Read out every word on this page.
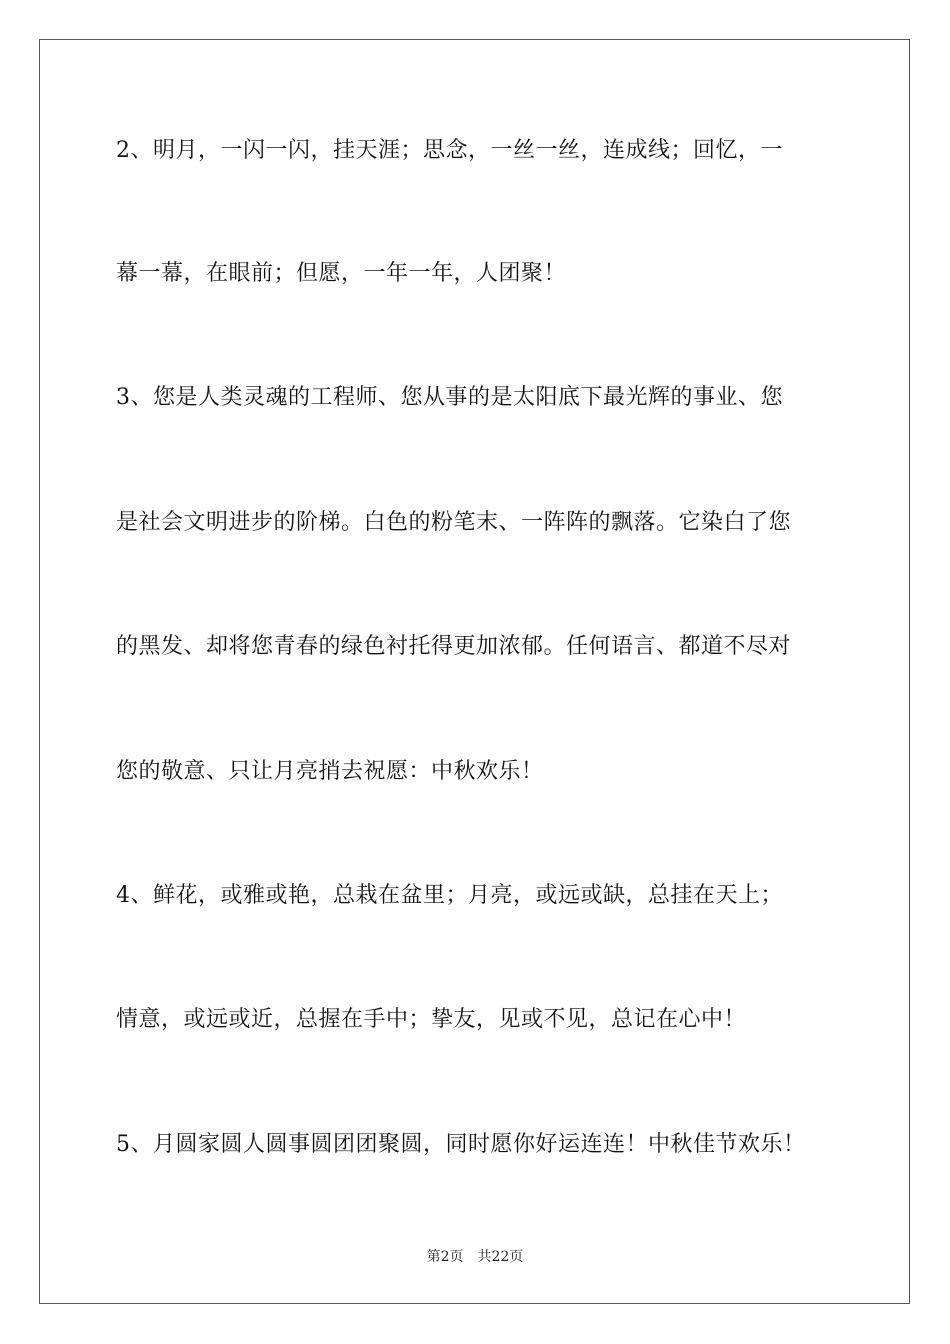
2、明月，一闪一闪，挂天涯；思念，一丝一丝，连成线；回忆，一
幕一幕，在眼前；但愿，一年一年，人团聚！
3、您是人类灵魂的工程师、您从事的是太阳底下最光辉的事业、您
是社会文明进步的阶梯。白色的粉笔末、一阵阵的飘落。它染白了您
的黑发、却将您青春的绿色衬托得更加浓郁。任何语言、都道不尽对
您的敬意、只让月亮捎去祝愿：中秋欢乐！
4、鲜花，或雅或艳，总栽在盆里；月亮，或远或缺，总挂在天上；
情意，或远或近，总握在手中；挚友，见或不见，总记在心中！
5、月圆家圆人圆事圆团团聚圆，同时愿你好运连连！中秋佳节欢乐！
第2页 共22页
